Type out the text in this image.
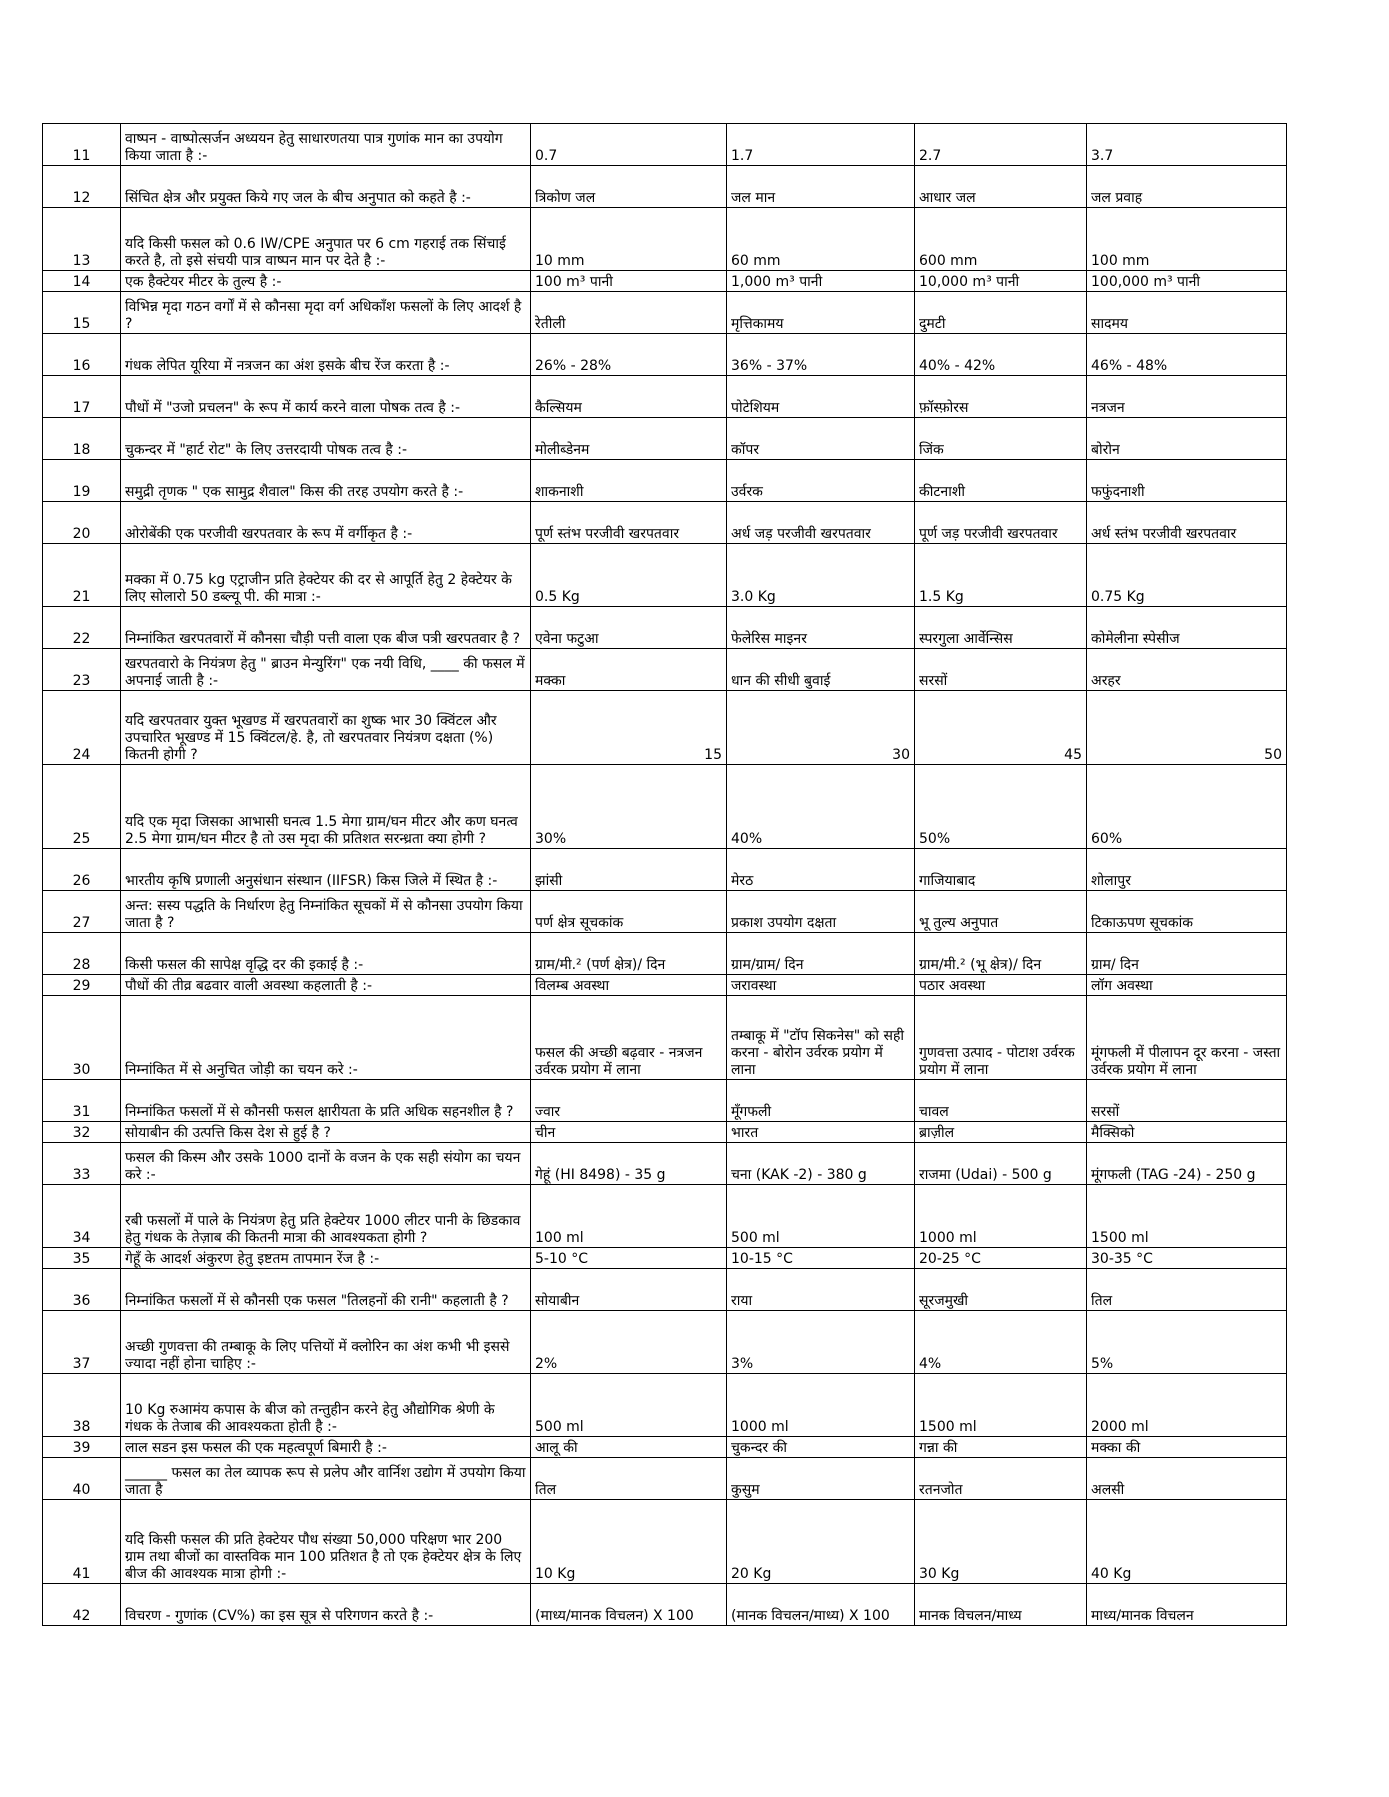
11	वाष्पन - वाष्पोत्सर्जन अध्ययन हेतु साधारणतया पात्र गुणांक मान का उपयोग किया जाता है :-	0.7	1.7	2.7	3.7
12	सिंचित क्षेत्र और प्रयुक्त किये गए जल के बीच अनुपात को कहते है :-	त्रिकोण जल	जल मान	आधार जल	जल प्रवाह
13	यदि किसी फसल को 0.6 IW/CPE अनुपात पर 6 cm गहराई तक सिंचाई करते है, तो इसे संचयी पात्र वाष्पन मान पर देते है :-	10 mm	60 mm	600 mm	100 mm
14	एक हैक्टेयर मीटर के तुल्य है :-	100 m³ पानी	1,000 m³ पानी	10,000 m³ पानी	100,000 m³ पानी
15	विभिन्न मृदा गठन वर्गों में से कौनसा मृदा वर्ग अधिकाँश फसलों के लिए आदर्श है ?	रेतीली	मृत्तिकामय	दुमटी	सादमय
16	गंधक लेपित यूरिया में नत्रजन का अंश इसके बीच रेंज करता है :-	26% - 28%	36% - 37%	40% - 42%	46% - 48%
17	पौधों में "उजो प्रचलन" के रूप में कार्य करने वाला पोषक तत्व है :-	कैल्सियम	पोटेशियम	फ़ॉस्फ़ोरस	नत्रजन
18	चुकन्दर में "हार्ट रोट" के लिए उत्तरदायी पोषक तत्व है :-	मोलीब्डेनम	कॉपर	जिंक	बोरोन
19	समुद्री तृणक " एक सामुद्र शैवाल" किस की तरह उपयोग करते है :-	शाकनाशी	उर्वरक	कीटनाशी	फफुंदनाशी
20	ओरोबेंकी एक परजीवी खरपतवार के रूप में वर्गीकृत है :-	पूर्ण स्तंभ परजीवी खरपतवार	अर्ध जड़ परजीवी खरपतवार	पूर्ण जड़ परजीवी खरपतवार	अर्ध स्तंभ परजीवी खरपतवार
21	मक्का में 0.75 kg एट्राजीन प्रति हेक्टेयर की दर से आपूर्ति हेतु 2 हेक्टेयर के लिए सोलारो 50 डब्ल्यू पी. की मात्रा :-	0.5 Kg	3.0 Kg	1.5 Kg	0.75 Kg
22	निम्नांकित खरपतवारों में कौनसा चौड़ी पत्ती वाला एक बीज पत्री खरपतवार है ?	एवेना फटुआ	फेलेरिस माइनर	स्परगुला आर्वेन्सिस	कोमेलीना स्पेसीज
23	खरपतवारो के नियंत्रण हेतु " ब्राउन मेन्युरिंग" एक नयी विधि, ____ की फसल में अपनाई जाती है :-	मक्का	धान की सीधी बुवाई	सरसों	अरहर
24	यदि खरपतवार युक्त भूखण्ड में खरपतवारों का शुष्क भार 30 क्विंटल और उपचारित भूखण्ड में 15 क्विंटल/हे. है, तो खरपतवार नियंत्रण दक्षता (%) कितनी होगी ?	15	30	45	50
25	यदि एक मृदा जिसका आभासी घनत्व 1.5 मेगा ग्राम/घन मीटर और कण घनत्व 2.5 मेगा ग्राम/घन मीटर है तो उस मृदा की प्रतिशत सरन्ध्रता क्या होगी ?	30%	40%	50%	60%
26	भारतीय कृषि प्रणाली अनुसंधान संस्थान (IIFSR) किस जिले में स्थित है :-	झांसी	मेरठ	गाजियाबाद	शोलापुर
27	अन्त: सस्य पद्धति के निर्धारण हेतु निम्नांकित सूचकों में से कौनसा उपयोग किया जाता है ?	पर्ण क्षेत्र सूचकांक	प्रकाश उपयोग दक्षता	भू तुल्य अनुपात	टिकाऊपण सूचकांक
28	किसी फसल की सापेक्ष वृद्धि दर की इकाई है :-	ग्राम/मी.² (पर्ण क्षेत्र)/ दिन	ग्राम/ग्राम/ दिन	ग्राम/मी.² (भू क्षेत्र)/ दिन	ग्राम/ दिन
29	पौधों की तीव्र बढवार वाली अवस्था कहलाती है :-	विलम्ब अवस्था	जरावस्था	पठार अवस्था	लॉग अवस्था
30	निम्नांकित में से अनुचित जोड़ी का चयन करे :-	फसल की अच्छी बढ़वार - नत्रजन उर्वरक प्रयोग में लाना	तम्बाकू में "टॉप सिकनेस" को सही करना - बोरोन उर्वरक प्रयोग में लाना	गुणवत्ता उत्पाद - पोटाश उर्वरक प्रयोग में लाना	मूंगफली में पीलापन दूर करना - जस्ता उर्वरक प्रयोग में लाना
31	निम्नांकित फसलों में से कौनसी फसल क्षारीयता के प्रति अधिक सहनशील है ?	ज्वार	मूँगफली	चावल	सरसों
32	सोयाबीन की उत्पत्ति किस देश से हुई है ?	चीन	भारत	ब्राज़ील	मैक्सिको
33	फसल की किस्म और उसके 1000 दानों के वजन के एक सही संयोग का चयन करे :-	गेहूं (HI 8498) - 35 g	चना (KAK -2) - 380 g	राजमा (Udai) - 500 g	मूंगफली (TAG -24) - 250 g
34	रबी फसलों में पाले के नियंत्रण हेतु प्रति हेक्टेयर 1000 लीटर पानी के छिडकाव हेतु गंधक के तेज़ाब की कितनी मात्रा की आवश्यकता होगी ?	100 ml	500 ml	1000 ml	1500 ml
35	गेहूँ के आदर्श अंकुरण हेतु इष्टतम तापमान रेंज है :-	5-10 °C	10-15 °C	20-25 °C	30-35 °C
36	निम्नांकित फसलों में से कौनसी एक फसल "तिलहनों की रानी" कहलाती है ?	सोयाबीन	राया	सूरजमुखी	तिल
37	अच्छी गुणवत्ता की तम्बाकू के लिए पत्तियों में क्लोरिन का अंश कभी भी इससे ज्यादा नहीं होना चाहिए :-	2%	3%	4%	5%
38	10 Kg रुआमंय कपास के बीज को तन्तुहीन करने हेतु औद्योगिक श्रेणी के गंधक के तेजाब की आवश्यकता होती है :-	500 ml	1000 ml	1500 ml	2000 ml
39	लाल सडन इस फसल की एक महत्वपूर्ण बिमारी है :-	आलू की	चुकन्दर की	गन्ना की	मक्का की
40	______ फसल का तेल व्यापक रूप से प्रलेप और वार्निश उद्योग में उपयोग किया जाता है	तिल	कुसुम	रतनजोत	अलसी
41	यदि किसी फसल की प्रति हेक्टेयर पौध संख्या 50,000 परिक्षण भार 200 ग्राम तथा बीजों का वास्तविक मान 100 प्रतिशत है तो एक हेक्टेयर क्षेत्र के लिए बीज की आवश्यक मात्रा होगी :-	10 Kg	20 Kg	30 Kg	40 Kg
42	विचरण - गुणांक (CV%) का इस सूत्र से परिगणन करते है :-	(माध्य/मानक विचलन) X 100	(मानक विचलन/माध्य) X 100	मानक विचलन/माध्य	माध्य/मानक विचलन
